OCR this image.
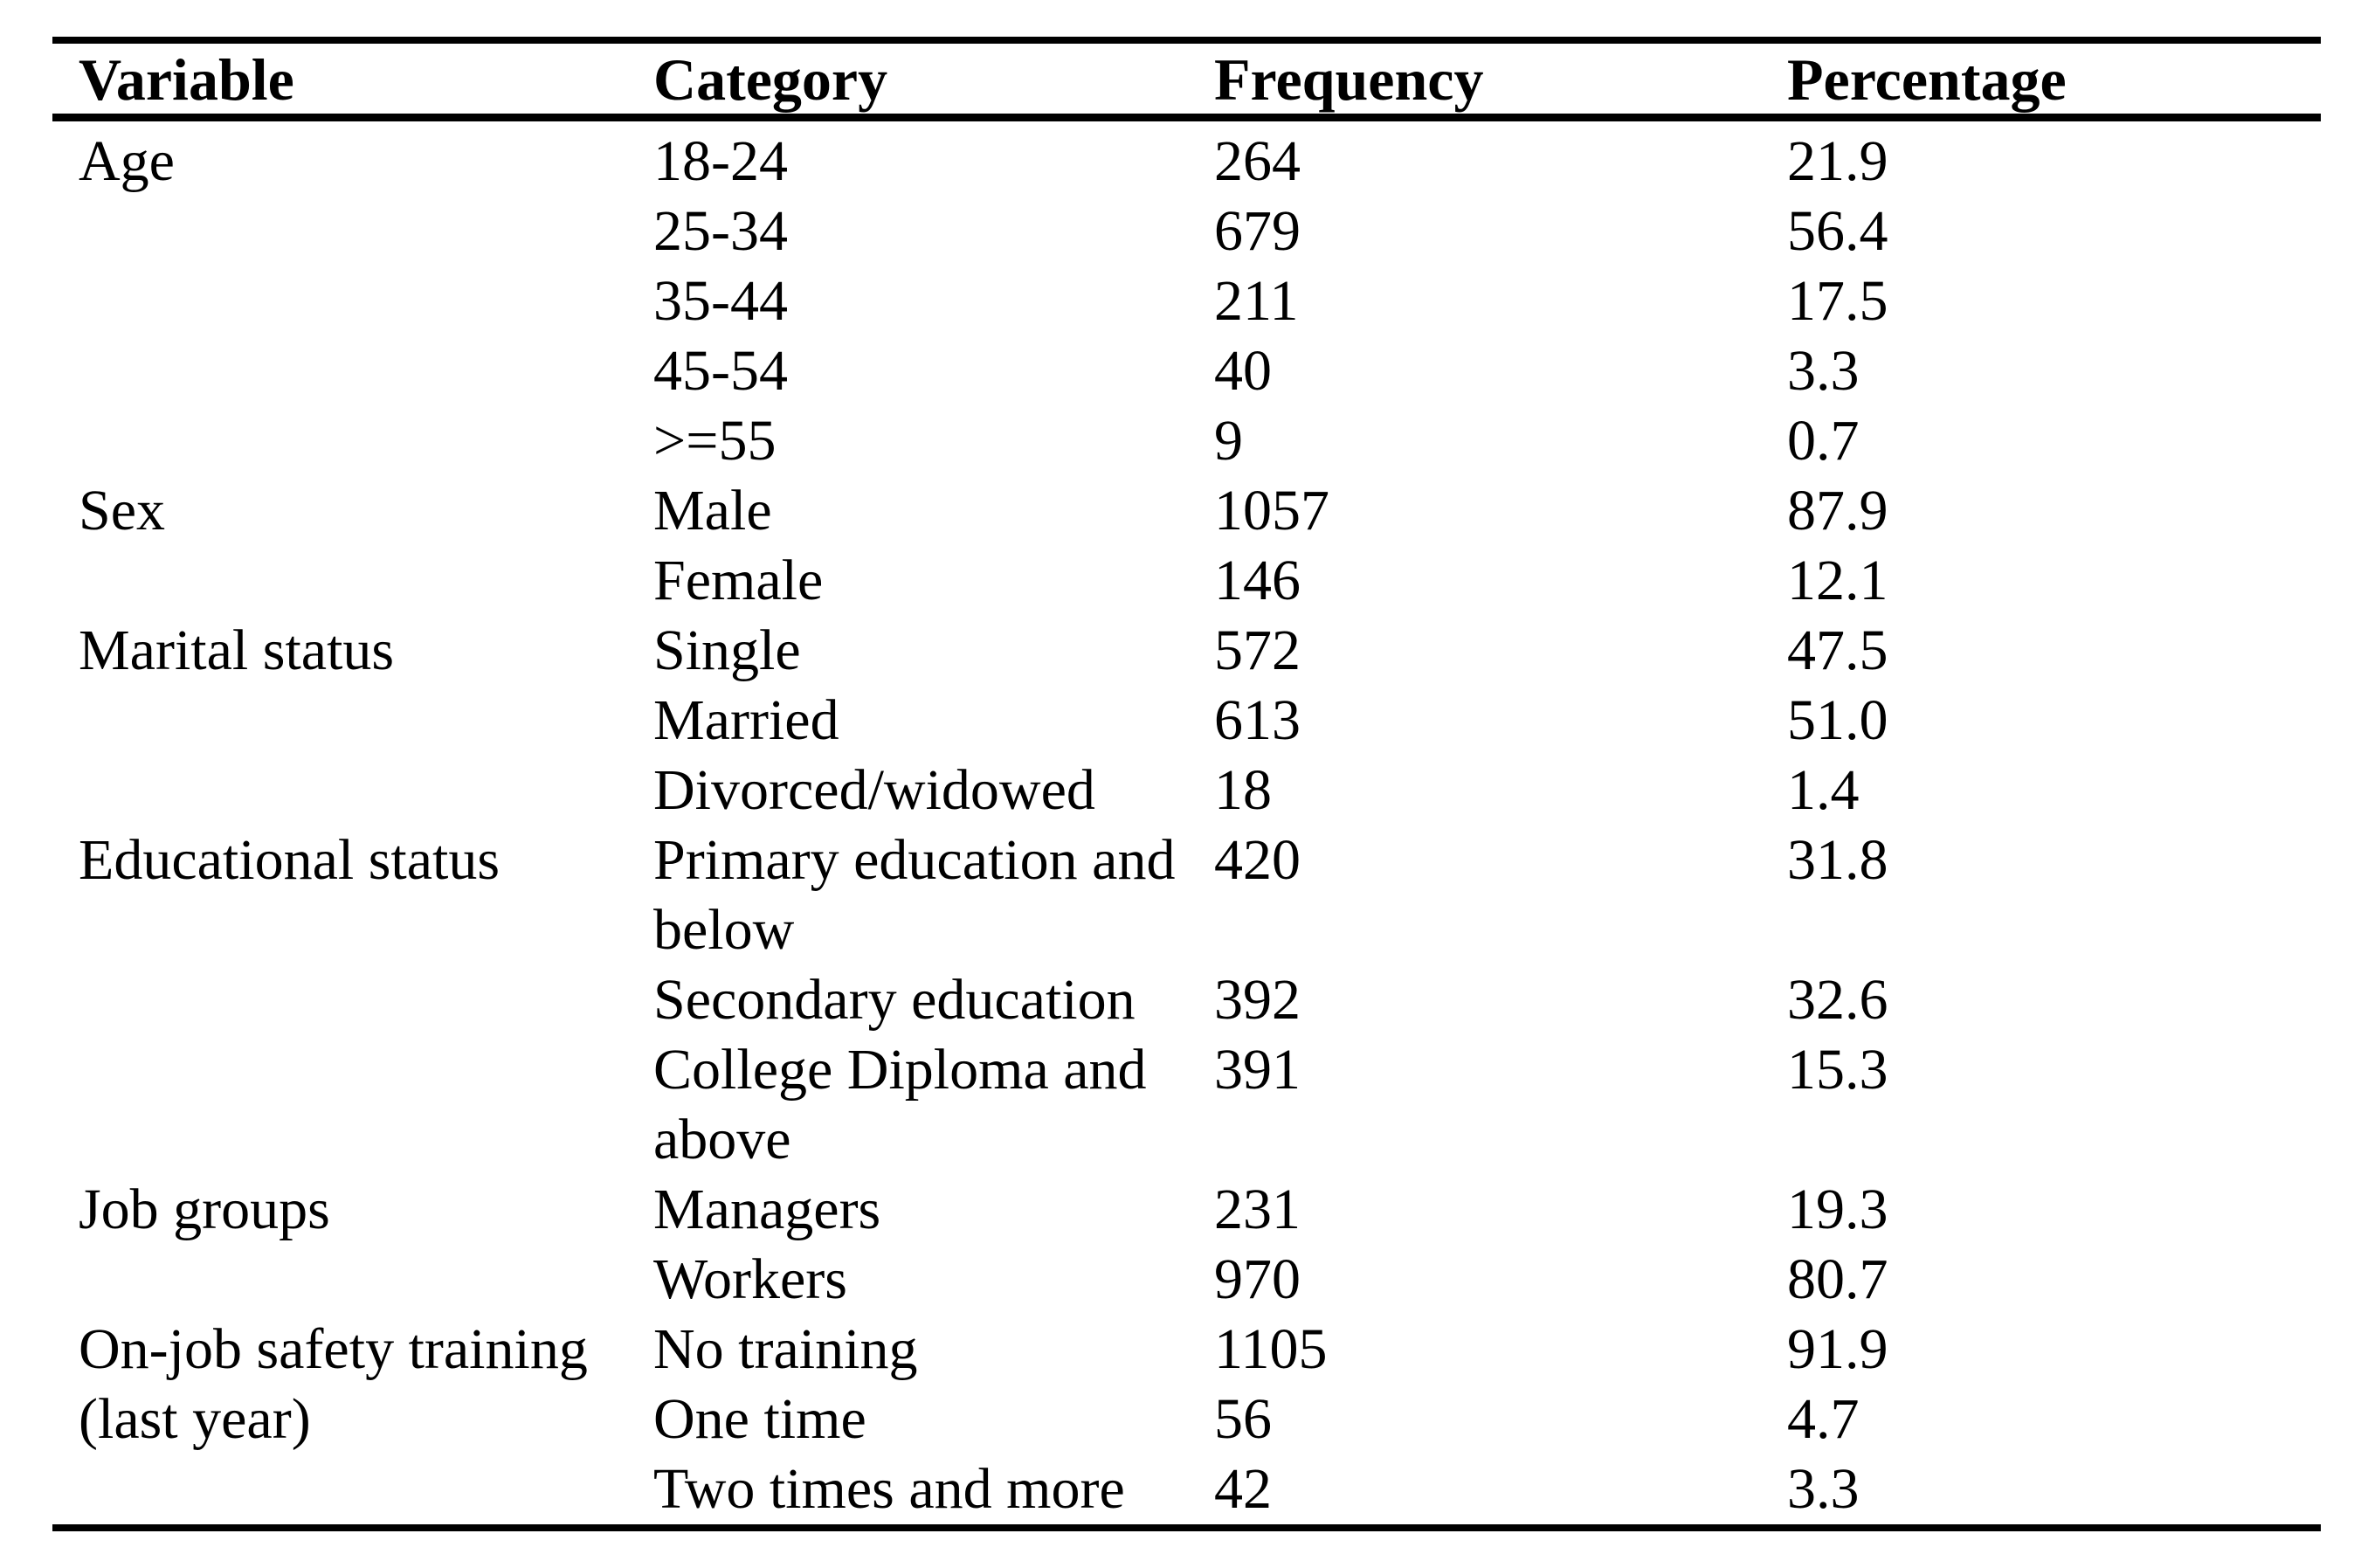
Variable	Category	Frequency	Percentage
Age	18-24	264	21.9
	25-34	679	56.4
	35-44	211	17.5
	45-54	40	3.3
	>=55	9	0.7
Sex	Male	1057	87.9
	Female	146	12.1
Marital status	Single	572	47.5
	Married	613	51.0
	Divorced/widowed	18	1.4
Educational status	Primary education and below	420	31.8
	Secondary education	392	32.6
	College Diploma and above	391	15.3
Job groups	Managers	231	19.3
	Workers	970	80.7
On-job safety training (last year)	No training	1105	91.9
	One time	56	4.7
	Two times and more	42	3.3
